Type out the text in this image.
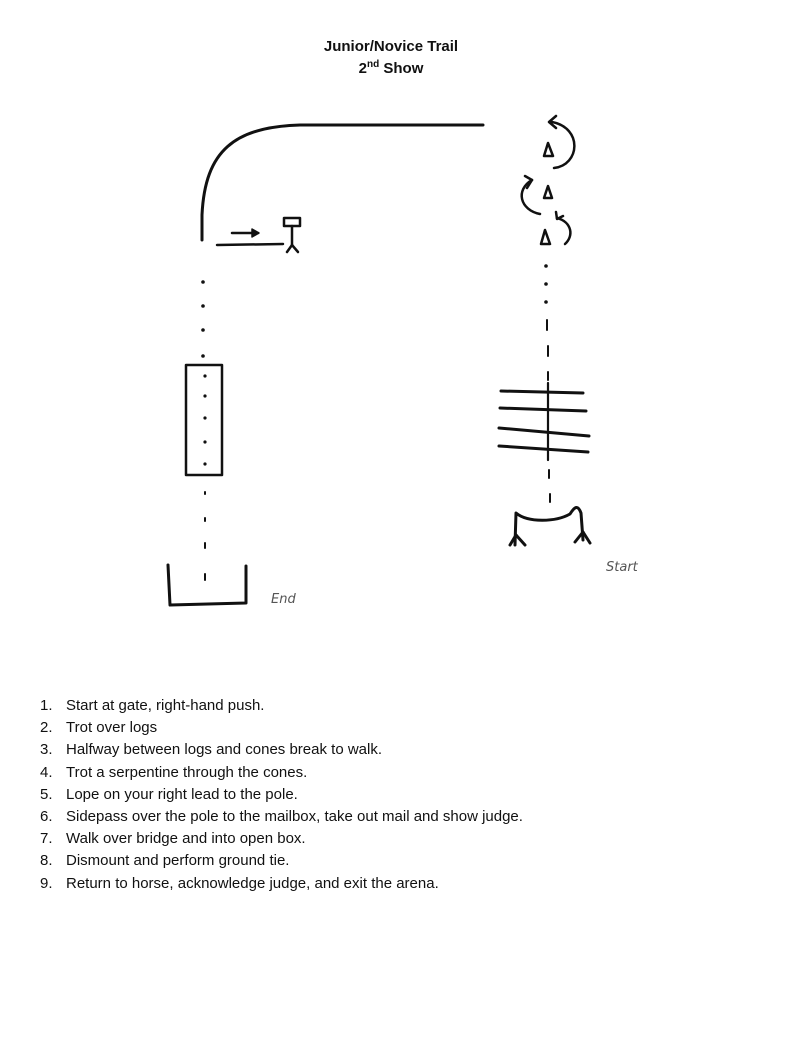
Junior/Novice Trail
2nd Show
Start
End
1. Start at gate, right-hand push.
2. Trot over logs
3. Halfway between logs and cones break to walk.
4. Trot a serpentine through the cones.
5. Lope on your right lead to the pole.
6. Sidepass over the pole to the mailbox, take out mail and show judge.
7. Walk over bridge and into open box.
8. Dismount and perform ground tie.
9. Return to horse, acknowledge judge, and exit the arena.
